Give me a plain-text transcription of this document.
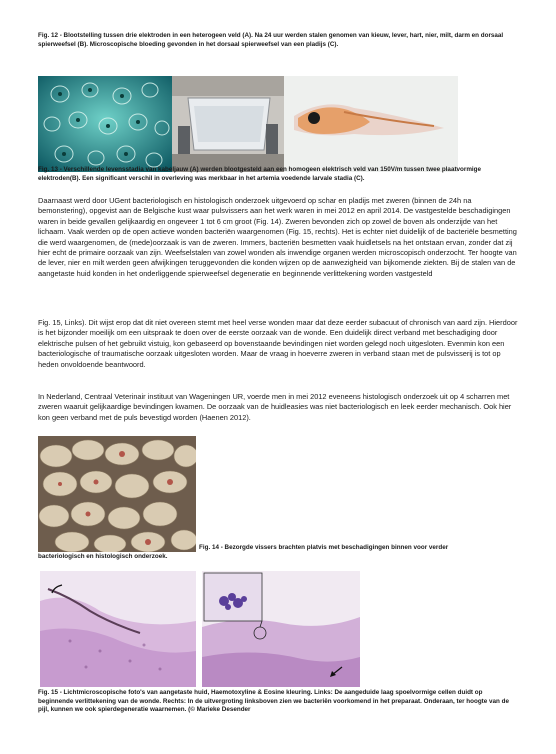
Fig. 12 - Blootstelling tussen drie elektroden in een heterogeen veld (A). Na 24 uur werden stalen genomen van kieuw, lever, hart, nier, milt, darm en dorsaal spierweefsel (B). Microscopische bloeding gevonden in het dorsaal spierweefsel van een pladijs (C).

Fig. 13 - Verschillende levensstadia van kabeljauw (A) werden blootgesteld aan een homogeen elektrisch veld van 150V/m tussen twee plaatvormige elektroden(B). Een significant verschil in overleving was merkbaar in het artemia voedende larvale stadia (C).

Daarnaast werd door UGent bacteriologisch en histologisch onderzoek uitgevoerd op schar en pladijs met zweren (binnen de 24h na bemonstering), opgevist aan de Belgische kust waar pulsvissers aan het werk waren in mei 2012 en april 2014. De vastgestelde beschadigingen waren in beide gevallen gelijkaardig en ongeveer 1 tot 6 cm groot (Fig. 14). Zweren bevonden zich op zowel de boven als onderzijde van het lichaam. Vaak werden op de open actieve wonden bacteriën waargenomen (Fig. 15, rechts). Het is echter niet duidelijk of de bacteriële besmetting die werd waargenomen, de (mede)oorzaak is van de zweren. Immers, bacteriën besmetten vaak huidletsels na het ontstaan ervan, zonder dat zij hier echt de primaire oorzaak van zijn. Weefselstalen van zowel wonden als inwendige organen werden microscopisch onderzocht. Ter hoogte van de lever, nier en milt werden geen afwijkingen teruggevonden die konden wijzen op de aanwezigheid van bijkomende ziekten. Bij de stalen van de aangetaste huid konden in het onderliggende spierweefsel degeneratie en beginnende verlittekening worden vastgesteld

Fig. 15, Links). Dit wijst erop dat dit niet overeen stemt met heel verse wonden maar dat deze eerder subacuut of chronisch van aard zijn. Hierdoor is het bijzonder moeilijk om een uitspraak te doen over de eerste oorzaak van de wonde. Een duidelijk direct verband met beschadiging door elektrische pulsen of het gebruikt vistuig, kon gebaseerd op bovenstaande bevindingen niet worden gelegd noch uitgesloten. Evenmin kon een bacteriologische of traumatische oorzaak uitgesloten worden. Maar de vraag in hoeverre zweren in verband staan met de pulsvisserij is tot op heden onvoldoende beantwoord.

In Nederland, Centraal Veterinair instituut van Wageningen UR, voerde men in mei 2012 eveneens histologisch onderzoek uit op 4 scharren met zweren waaruit gelijkaardige bevindingen kwamen. De oorzaak van de huidleasies was niet bacteriologisch en leek eerder mechanisch. Ook hier kon geen verband met de puls bevestigd worden (Haenen 2012).

Fig. 14 - Bezorgde vissers brachten platvis met beschadigingen binnen voor verder

bacteriologisch en histologisch onderzoek.

Fig. 15 - Lichtmicroscopische foto's van aangetaste huid, Haemotoxyline & Eosine kleuring. Links: De aangeduide laag spoelvormige cellen duidt op beginnende verlittekening van de wonde. Rechts: In de uitvergroting linksboven zien we bacteriën voorkomend in het preparaat. Onderaan, ter hoogte van de pijl, kunnen we ook spierdegeneratie waarnemen. (© Marieke Desender
